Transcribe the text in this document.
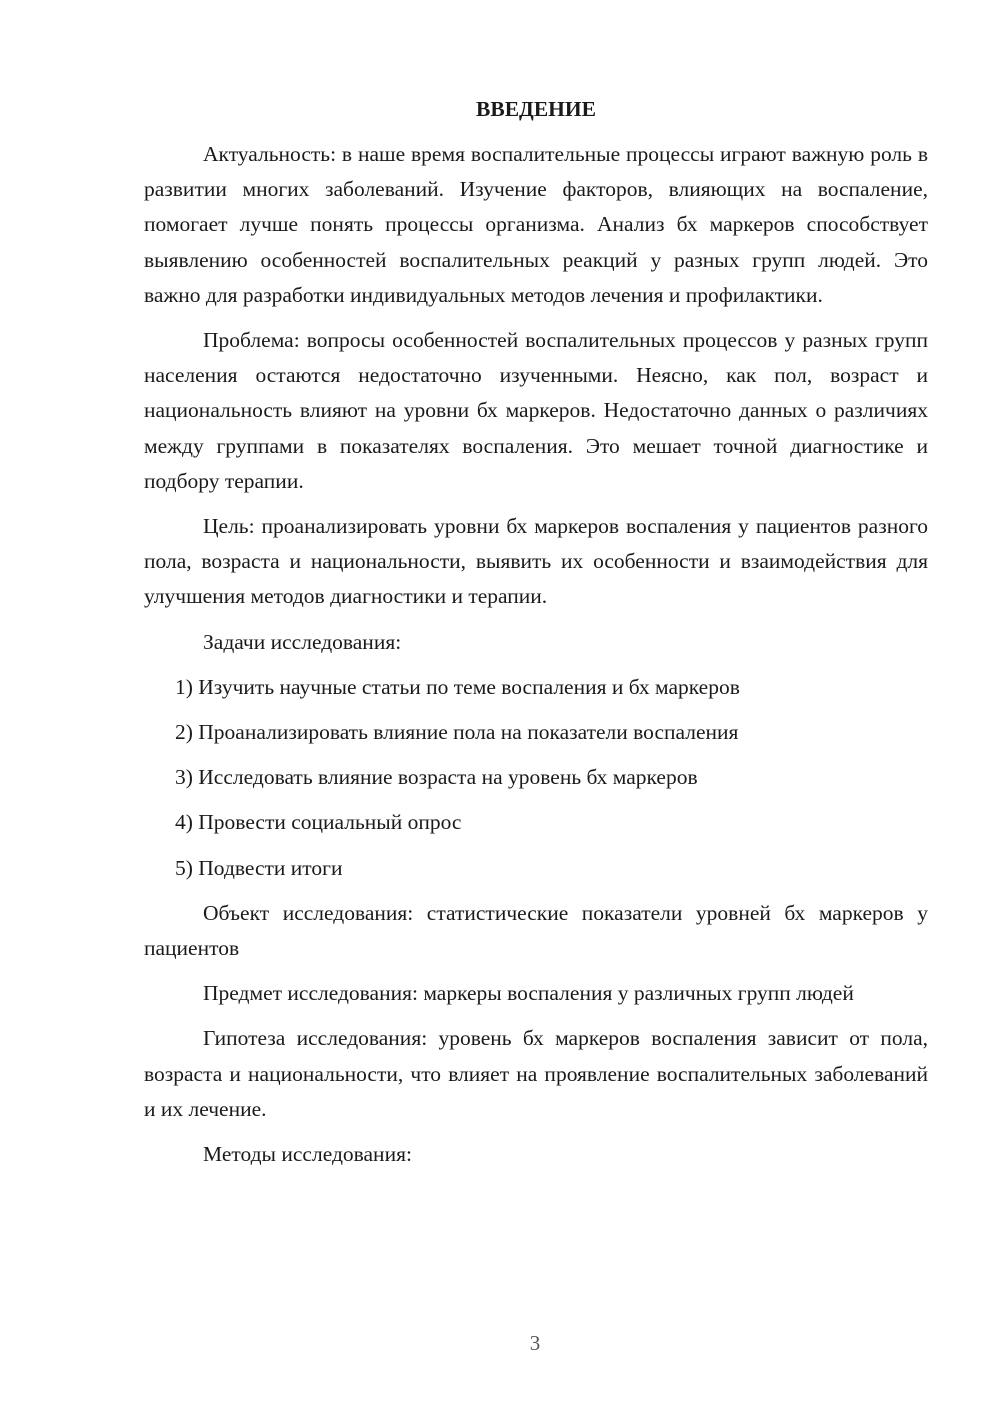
ВВЕДЕНИЕ

Актуальность: в наше время воспалительные процессы играют важную роль в развитии многих заболеваний. Изучение факторов, влияющих на воспаление, помогает лучше понять процессы организма. Анализ бх маркеров способствует выявлению особенностей воспалительных реакций у разных групп людей. Это важно для разработки индивидуальных методов лечения и профилактики.

Проблема: вопросы особенностей воспалительных процессов у разных групп населения остаются недостаточно изученными. Неясно, как пол, возраст и национальность влияют на уровни бх маркеров. Недостаточно данных о различиях между группами в показателях воспаления. Это мешает точной диагностике и подбору терапии.

Цель: проанализировать уровни бх маркеров воспаления у пациентов разного пола, возраста и национальности, выявить их особенности и взаимодействия для улучшения методов диагностики и терапии.

Задачи исследования:

1) Изучить научные статьи по теме воспаления и бх маркеров
2) Проанализировать влияние пола на показатели воспаления
3) Исследовать влияние возраста на уровень бх маркеров
4) Провести социальный опрос
5) Подвести итоги

Объект исследования: статистические показатели уровней бх маркеров у пациентов

Предмет исследования: маркеры воспаления у различных групп людей

Гипотеза исследования: уровень бх маркеров воспаления зависит от пола, возраста и национальности, что влияет на проявление воспалительных заболеваний и их лечение.

Методы исследования:

3
